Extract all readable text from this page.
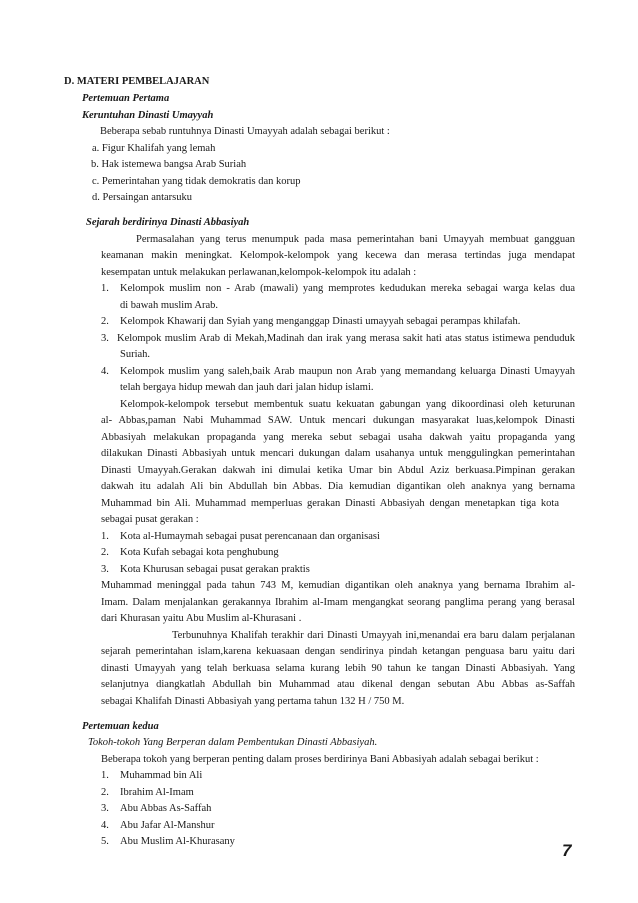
D. MATERI PEMBELAJARAN
Pertemuan Pertama
Keruntuhan Dinasti Umayyah
Beberapa sebab runtuhnya Dinasti Umayyah adalah sebagai berikut :
a. Figur Khalifah yang lemah
b. Hak istemewa bangsa Arab Suriah
c. Pemerintahan yang tidak demokratis dan korup
d. Persaingan antarsuku
Sejarah berdirinya Dinasti Abbasiyah
Permasalahan yang terus menumpuk pada masa pemerintahan bani Umayyah membuat gangguan
keamanan makin meningkat. Kelompok-kelompok yang kecewa dan merasa tertindas juga mendapat
kesempatan untuk melakukan perlawanan,kelompok-kelompok itu adalah :
1. Kelompok muslim non - Arab (mawali) yang memprotes kedudukan mereka sebagai warga kelas dua
di bawah muslim Arab.
2. Kelompok Khawarij dan Syiah yang menganggap Dinasti umayyah sebagai perampas khilafah.
3. Kelompok muslim Arab di Mekah,Madinah dan irak yang merasa sakit hati atas status istimewa penduduk
Suriah.
4. Kelompok muslim yang saleh,baik Arab maupun non Arab yang memandang keluarga Dinasti Umayyah
telah bergaya hidup mewah dan jauh dari jalan hidup islami.
Kelompok-kelompok tersebut membentuk suatu kekuatan gabungan yang dikoordinasi oleh keturunan
al- Abbas,paman Nabi Muhammad SAW. Untuk mencari dukungan masyarakat luas,kelompok Dinasti
Abbasiyah melakukan propaganda yang mereka sebut sebagai usaha dakwah yaitu propaganda yang
dilakukan Dinasti Abbasiyah untuk mencari dukungan dalam usahanya untuk menggulingkan pemerintahan
Dinasti Umayyah.Gerakan dakwah ini dimulai ketika Umar bin Abdul Aziz berkuasa.Pimpinan gerakan
dakwah itu adalah Ali bin Abdullah bin Abbas. Dia kemudian digantikan oleh anaknya yang bernama
Muhammad bin Ali. Muhammad memperluas gerakan Dinasti Abbasiyah dengan menetapkan tiga kota
sebagai pusat gerakan :
1. Kota al-Humaymah sebagai pusat perencanaan dan organisasi
2. Kota Kufah sebagai kota penghubung
3. Kota Khurusan sebagai pusat gerakan praktis
Muhammad meninggal pada tahun 743 M, kemudian digantikan oleh anaknya yang bernama Ibrahim al-
Imam. Dalam menjalankan gerakannya Ibrahim al-Imam mengangkat seorang panglima perang yang berasal
dari Khurasan yaitu Abu Muslim al-Khurasani .
Terbunuhnya Khalifah terakhir dari Dinasti Umayyah ini,menandai era baru dalam perjalanan
sejarah pemerintahan islam,karena kekuasaan dengan sendirinya pindah ketangan penguasa baru yaitu dari
dinasti Umayyah yang telah berkuasa selama kurang lebih 90 tahun ke tangan Dinasti Abbasiyah. Yang
selanjutnya diangkatlah Abdullah bin Muhammad atau dikenal dengan sebutan Abu Abbas as-Saffah
sebagai Khalifah Dinasti Abbasiyah yang pertama tahun 132 H / 750 M.
Pertemuan kedua
Tokoh-tokoh Yang Berperan dalam Pembentukan Dinasti Abbasiyah.
Beberapa tokoh yang berperan penting dalam proses berdirinya Bani Abbasiyah adalah sebagai berikut :
1. Muhammad bin Ali
2. Ibrahim Al-Imam
3. Abu Abbas As-Saffah
4. Abu Jafar Al-Manshur
5. Abu Muslim Al-Khurasany	7
